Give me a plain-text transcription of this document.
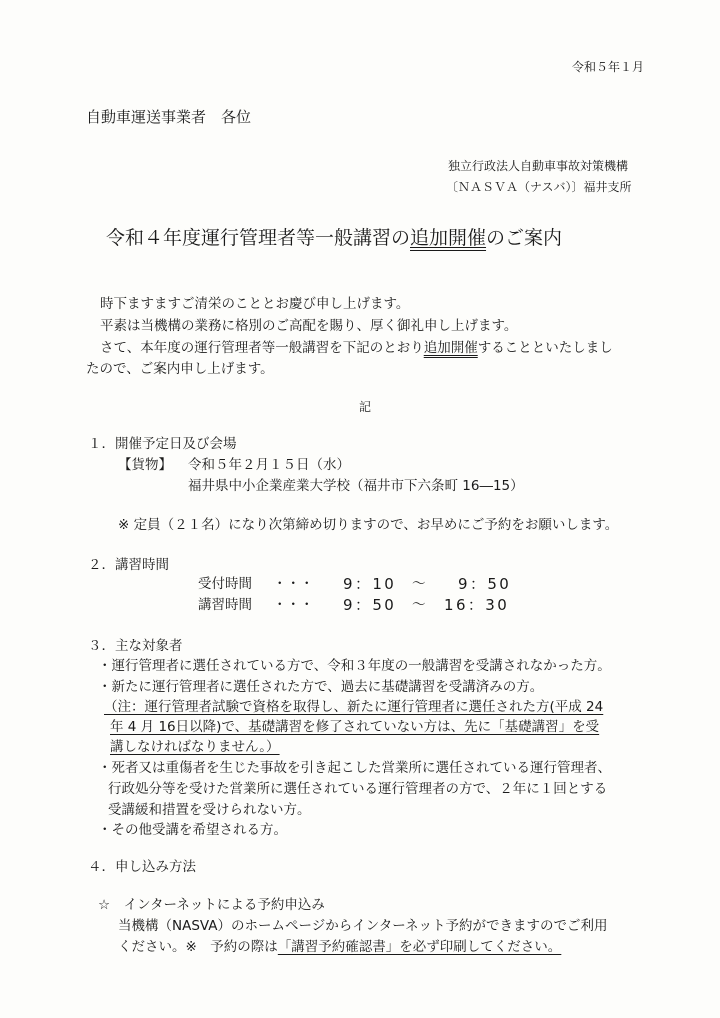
令和５年１月
自動車運送事業者　各位
独立行政法人自動車事故対策機構
〔ＮＡＳＶＡ（ナスバ）〕福井支所
令和４年度運行管理者等一般講習の追加開催のご案内
時下ますますご清栄のこととお慶び申し上げます。
平素は当機構の業務に格別のご高配を賜り、厚く御礼申し上げます。
さて、本年度の運行管理者等一般講習を下記のとおり追加開催することといたしまし
たので、ご案内申し上げます。
記
１．開催予定日及び会場
【貨物】 令和５年２月１５日（水）
福井県中小企業産業大学校（福井市下六条町 16―15）
※ 定員（２１名）になり次第締め切りますので、お早めにご予約をお願いします。
２．講習時間
受付時間 ・・・ 9：10 ～ 9：50
講習時間 ・・・ 9：50 ～ 16：30
３．主な対象者
・運行管理者に選任されている方で、令和３年度の一般講習を受講されなかった方。
・新たに運行管理者に選任された方で、過去に基礎講習を受講済みの方。
（注：運行管理者試験で資格を取得し、新たに運行管理者に選任された方(平成 24
年 4 月 16日以降)で、基礎講習を修了されていない方は、先に「基礎講習」を受
講しなければなりません。）
・死者又は重傷者を生じた事故を引き起こした営業所に選任されている運行管理者、
行政処分等を受けた営業所に選任されている運行管理者の方で、２年に１回とする
受講緩和措置を受けられない方。
・その他受講を希望される方。
４．申し込み方法
☆　インターネットによる予約申込み
当機構（NASVA）のホームページからインターネット予約ができますのでご利用
ください。※　予約の際は「講習予約確認書」を必ず印刷してください。
